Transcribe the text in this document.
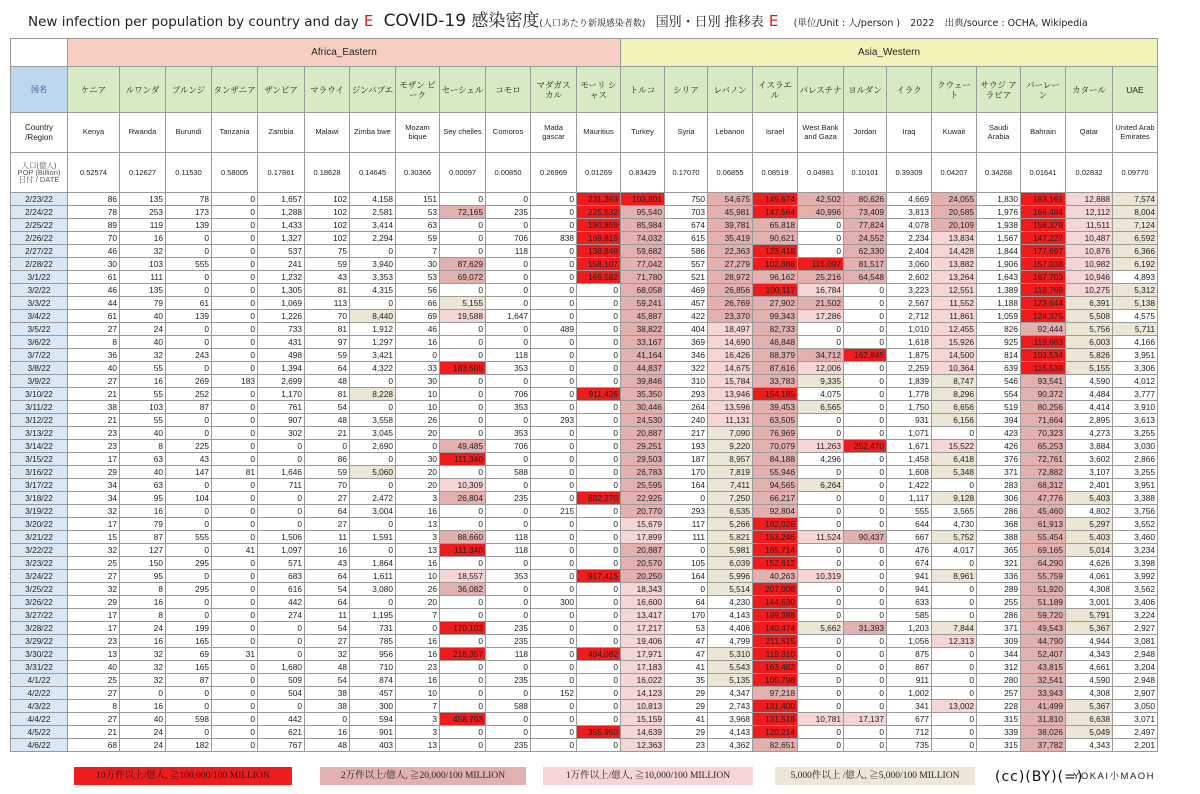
New infection per population by country and day E COVID-19 感染密度(人口あたり新規感染者数) 国別・日別 推移表 E (単位/Unit : 人/person ) 2022 出典/source : OCHA, Wikipedia
	Africa_Eastern												Asia_Western											
国名	ケニア	ルワンダ	ブルンジ	タンザニア	ザンビア	マラウイ	ジンバブエ	モザン ビーク	セーシェル	コモロ	マダガス カル	モーリ シャス	トルコ	シリア	レバノン	イスラエル	パレスチナ	ヨルダン	イラク	クウェート	サウジ アラビア	バーレーン	カタール	UAE
Country /Region	Kenya	Rwanda	Burundi	Tanzania	Zambia	Malawi	Zimba bwe	Mozam bique	Sey chelles	Comoros	Mada gascar	Mauritius	Turkey	Syria	Lebanon	Israel	West Bank and Gaza	Jordan	Iraq	Kuwait	Saudi Arabia	Bahrain	Qatar	United Arab Emirates
人口(億人) POP (Billion) 日付 / DATE	0.52574	0.12627	0.11530	0.58005	0.17861	0.18628	0.14645	0.30366	0.00097	0.00850	0.26969	0.01269	0.83429	0.17070	0.06855	0.08519	0.04981	0.10101	0.39309	0.04207	0.34268	0.01641	0.02832	0.09770
2/23/22	86	135	78	0	1,657	102	4,158	151	0	0	0	231,363	103,801	750	54,675	145,674	42,502	80,626	4,669	24,055	1,830	183,161	12,888	7,574
2/24/22	78	253	173	0	1,288	102	2,581	53	72,165	235	0	225,532	95,540	703	45,981	147,564	40,996	73,409	3,813	20,585	1,976	166,484	12,112	8,004
2/25/22	89	119	139	0	1,433	102	3,414	63	0	0	0	190,859	85,984	674	39,781	65,818	0	77,824	4,078	20,109	1,938	158,379	11,511	7,124
2/26/22	70	16	0	0	1,327	102	2,294	59	0	706	838	169,819	74,032	615	35,419	90,621	0	24,552	2,234	13,834	1,567	147,227	10,487	6,592
2/27/22	46	32	0	0	537	75	0	7	0	118	0	138,849	59,682	586	22,363	123,418	0	62,330	2,404	14,428	1,844	177,697	10,876	6,366
2/28/22	30	103	555	0	241	59	3,940	30	87,629	0	0	158,107	77,042	557	27,279	102,888	115,097	81,517	3,060	13,882	1,906	157,038	10,982	6,192
3/1/22	61	111	0	0	1,232	43	3,353	53	69,072	0	0	169,582	71,780	521	28,972	96,162	25,216	64,548	2,602	13,264	1,643	167,703	10,946	4,893
3/2/22	46	135	0	0	1,305	81	4,315	56	0	0	0	0	68,058	469	26,856	100,117	16,784	0	3,223	12,551	1,389	118,769	10,275	5,312
3/3/22	44	79	61	0	1,069	113	0	66	5,155	0	0	0	59,241	457	26,769	27,902	21,502	0	2,567	11,552	1,188	123,644	6,391	5,138
3/4/22	61	40	139	0	1,226	70	8,440	69	19,588	1,647	0	0	45,887	422	23,370	99,343	17,286	0	2,712	11,861	1,059	124,375	5,508	4,575
3/5/22	27	24	0	0	733	81	1,912	46	0	0	489	0	38,822	404	18,497	82,733	0	0	1,010	12,455	826	92,444	5,756	5,711
3/6/22	8	40	0	0	431	97	1,297	16	0	0	0	0	33,167	369	14,690	46,848	0	0	1,618	15,926	925	119,683	6,003	4,166
3/7/22	36	32	243	0	498	59	3,421	0	0	118	0	0	41,164	346	16,426	88,379	34,712	162,845	1,875	14,500	814	103,534	5,826	3,951
3/8/22	40	55	0	0	1,394	64	4,322	33	183,505	353	0	0	44,837	322	14,675	87,616	12,006	0	2,259	10,364	639	115,539	5,155	3,306
3/9/22	27	16	269	183	2,699	48	0	30	0	0	0	0	39,846	310	15,784	33,783	9,335	0	1,839	8,747	546	93,541	4,590	4,012
3/10/22	21	55	252	0	1,170	81	8,228	10	0	706	0	911,426	35,350	293	13,946	154,185	4,075	0	1,778	8,296	554	90,372	4,484	3,777
3/11/22	38	103	87	0	761	54	0	10	0	353	0	0	30,446	264	13,596	39,453	6,565	0	1,750	6,656	519	80,256	4,414	3,910
3/12/22	21	55	0	0	907	48	3,558	26	0	0	293	0	24,530	240	11,131	63,505	0	0	931	6,156	394	71,664	2,895	3,613
3/13/22	23	40	0	0	302	21	3,045	20	0	353	0	0	20,887	217	7,090	76,969	0	0	1,071	0	423	70,323	4,273	3,255
3/14/22	23	8	225	0	0	0	2,690	0	49,485	706	0	0	29,251	193	9,220	70,079	11,263	252,470	1,671	15,522	426	65,253	3,884	3,030
3/15/22	17	63	43	0	0	86	0	30	111,340	0	0	0	29,503	187	8,957	84,188	4,296	0	1,458	6,418	376	72,761	3,602	2,866
3/16/22	29	40	147	81	1,646	59	5,060	20	0	588	0	0	26,783	170	7,819	55,946	0	0	1,608	5,348	371	72,882	3,107	3,255
3/17/22	34	63	0	0	711	70	0	20	10,309	0	0	0	25,595	164	7,411	94,565	6,264	0	1,422	0	283	68,312	2,401	3,951
3/18/22	34	95	104	0	0	27	2,472	3	26,804	235	0	882,270	22,925	0	7,250	66,217	0	0	1,117	9,128	306	47,776	5,403	3,388
3/19/22	32	16	0	0	0	64	3,004	16	0	0	215	0	20,770	293	6,535	92,804	0	0	555	3,565	286	45,460	4,802	3,756
3/20/22	17	79	0	0	0	27	0	13	0	0	0	0	15,679	117	5,266	162,026	0	0	644	4,730	368	61,913	5,297	3,552
3/21/22	15	87	555	0	1,506	11	1,591	3	88,660	118	0	0	17,899	111	5,821	153,246	11,524	90,437	667	5,752	388	55,454	5,403	3,460
3/22/22	32	127	0	41	1,097	16	0	13	111,340	118	0	0	20,887	0	5,981	185,714	0	0	476	4,017	365	69,165	5,014	3,234
3/23/22	25	150	295	0	571	43	1,864	16	0	0	0	0	20,570	105	6,039	152,612	0	0	674	0	321	64,290	4,626	3,398
3/24/22	27	95	0	0	683	64	1,611	10	18,557	353	0	917,415	20,250	164	5,996	40,263	10,319	0	941	8,961	336	55,759	4,061	3,992
3/25/22	32	8	295	0	616	54	3,080	26	36,082	0	0	0	18,343	0	5,514	207,008	0	0	941	0	289	51,920	4,308	3,562
3/26/22	29	16	0	0	442	64	0	20	0	0	300	0	16,600	64	4,230	144,630	0	0	633	0	255	51,189	3,001	3,406
3/27/22	17	8	0	0	274	11	1,195	7	0	0	0	0	13,417	170	4,143	189,388	0	0	585	0	286	59,720	5,791	3,224
3/28/22	17	24	199	0	0	54	731	0	170,103	235	0	0	17,217	53	4,406	140,474	5,662	31,393	1,203	7,844	371	49,543	5,367	2,927
3/29/22	23	16	165	0	0	27	785	16	0	235	0	0	19,406	47	4,799	211,515	0	0	1,056	12,313	309	44,790	4,944	3,081
3/30/22	13	32	69	31	0	32	956	16	218,357	118	0	484,082	17,971	47	5,310	119,310	0	0	875	0	344	52,407	4,343	2,948
3/31/22	40	32	165	0	1,680	48	710	23	0	0	0	0	17,183	41	5,543	163,482	0	0	867	0	312	43,815	4,661	3,204
4/1/22	25	32	87	0	509	54	874	16	0	235	0	0	16,022	35	5,135	100,798	0	0	911	0	280	32,541	4,590	2,948
4/2/22	27	0	0	0	504	38	457	10	0	0	152	0	14,123	29	4,347	97,218	0	0	1,002	0	257	33,943	4,308	2,907
4/3/22	8	16	0	0	0	38	300	7	0	588	0	0	10,813	29	2,743	131,400	0	0	341	13,002	228	41,499	5,367	3,050
4/4/22	27	40	598	0	442	0	594	3	458,763	0	0	0	15,159	41	3,968	131,518	10,781	17,137	677	0	315	31,810	6,638	3,071
4/5/22	21	24	0	0	621	16	901	3	0	0	0	355,950	14,639	29	4,143	120,214	0	0	712	0	339	38,026	5,049	2,497
4/6/22	68	24	182	0	767	48	403	13	0	235	0	0	12,363	23	4,362	82,651	0	0	735	0	315	37,782	4,343	2,201
10万件以上/億人, ≧100,000/100 MILLION	2万件以上/億人, ≧20,000/100 MILLION	1万件以上/億人, ≧10,000/100 MILLION	5,000件以上 /億人, ≧5,000/100 MILLION	(cc)(BY)(=)
YOKAI小MAOH
